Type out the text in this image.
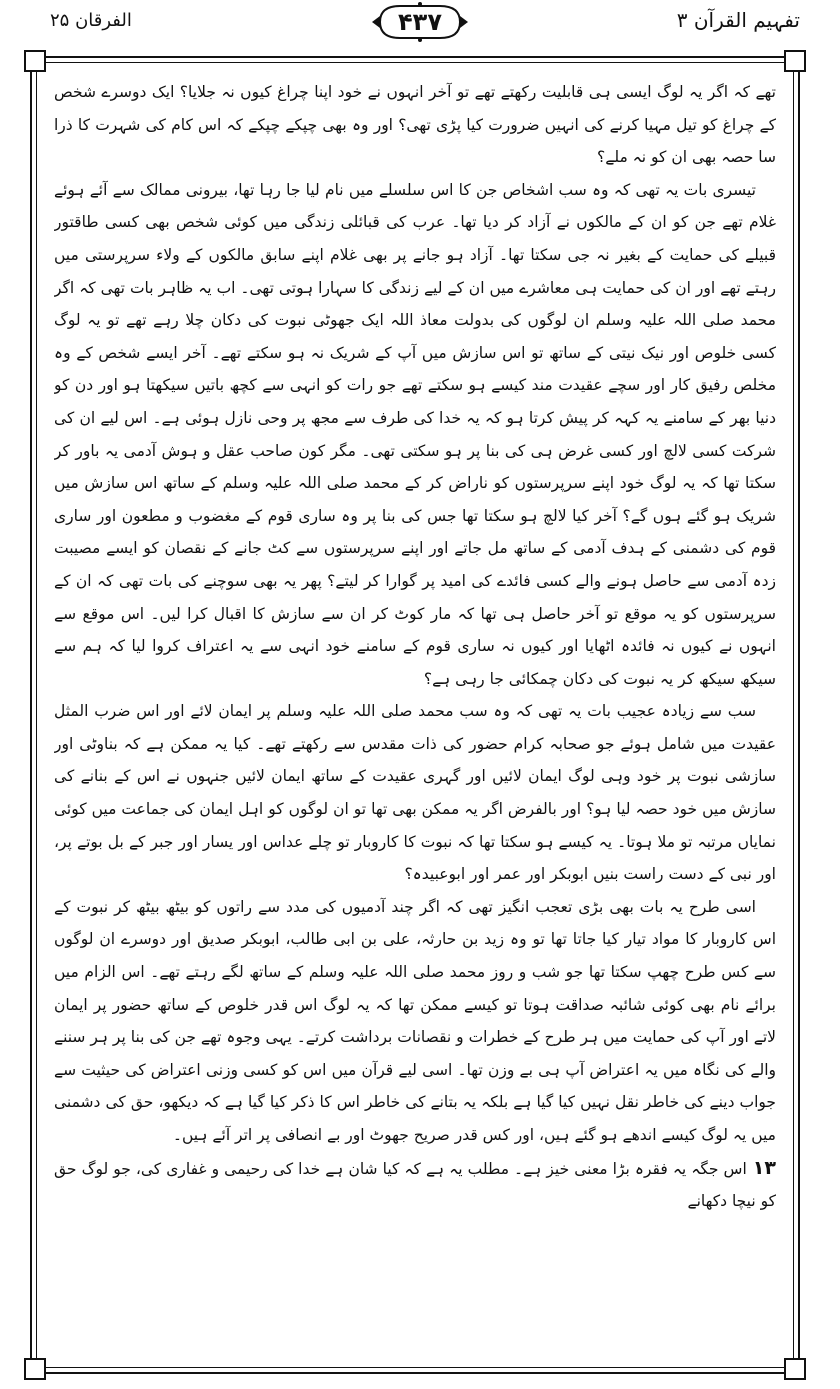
الفرقان ۲۵	۴۳۷	تفہیم القرآن ۳

تھے کہ اگر یہ لوگ ایسی ہی قابلیت رکھتے تھے تو آخر انہوں نے خود اپنا چراغ کیوں نہ جلایا؟ ایک دوسرے شخص کے چراغ کو تیل مہیا کرنے کی انہیں ضرورت کیا پڑی تھی؟ اور وہ بھی چپکے چپکے کہ اس کام کی شہرت کا ذرا سا حصہ بھی ان کو نہ ملے؟

تیسری بات یہ تھی کہ وہ سب اشخاص جن کا اس سلسلے میں نام لیا جا رہا تھا، بیرونی ممالک سے آئے ہوئے غلام تھے جن کو ان کے مالکوں نے آزاد کر دیا تھا۔ عرب کی قبائلی زندگی میں کوئی شخص بھی کسی طاقتور قبیلے کی حمایت کے بغیر نہ جی سکتا تھا۔ آزاد ہو جانے پر بھی غلام اپنے سابق مالکوں کے ولاء سرپرستی میں رہتے تھے اور ان کی حمایت ہی معاشرے میں ان کے لیے زندگی کا سہارا ہوتی تھی۔ اب یہ ظاہر بات تھی کہ اگر محمد صلی اللہ علیہ وسلم ان لوگوں کی بدولت معاذ اللہ ایک جھوٹی نبوت کی دکان چلا رہے تھے تو یہ لوگ کسی خلوص اور نیک نیتی کے ساتھ تو اس سازش میں آپ کے شریک نہ ہو سکتے تھے۔ آخر ایسے شخص کے وہ مخلص رفیق کار اور سچے عقیدت مند کیسے ہو سکتے تھے جو رات کو انہی سے کچھ باتیں سیکھتا ہو اور دن کو دنیا بھر کے سامنے یہ کہہ کر پیش کرتا ہو کہ یہ خدا کی طرف سے مجھ پر وحی نازل ہوئی ہے۔ اس لیے ان کی شرکت کسی لالچ اور کسی غرض ہی کی بنا پر ہو سکتی تھی۔ مگر کون صاحب عقل و ہوش آدمی یہ باور کر سکتا تھا کہ یہ لوگ خود اپنے سرپرستوں کو ناراض کر کے محمد صلی اللہ علیہ وسلم کے ساتھ اس سازش میں شریک ہو گئے ہوں گے؟ آخر کیا لالچ ہو سکتا تھا جس کی بنا پر وہ ساری قوم کے مغضوب و مطعون اور ساری قوم کی دشمنی کے ہدف آدمی کے ساتھ مل جاتے اور اپنے سرپرستوں سے کٹ جانے کے نقصان کو ایسے مصیبت زدہ آدمی سے حاصل ہونے والے کسی فائدے کی امید پر گوارا کر لیتے؟ پھر یہ بھی سوچنے کی بات تھی کہ ان کے سرپرستوں کو یہ موقع تو آخر حاصل ہی تھا کہ مار کوٹ کر ان سے سازش کا اقبال کرا لیں۔ اس موقع سے انہوں نے کیوں نہ فائدہ اٹھایا اور کیوں نہ ساری قوم کے سامنے خود انہی سے یہ اعتراف کروا لیا کہ ہم سے سیکھ سیکھ کر یہ نبوت کی دکان چمکائی جا رہی ہے؟

سب سے زیادہ عجیب بات یہ تھی کہ وہ سب محمد صلی اللہ علیہ وسلم پر ایمان لائے اور اس ضرب المثل عقیدت میں شامل ہوئے جو صحابہ کرام حضور کی ذات مقدس سے رکھتے تھے۔ کیا یہ ممکن ہے کہ بناوٹی اور سازشی نبوت پر خود وہی لوگ ایمان لائیں اور گہری عقیدت کے ساتھ ایمان لائیں جنہوں نے اس کے بنانے کی سازش میں خود حصہ لیا ہو؟ اور بالفرض اگر یہ ممکن بھی تھا تو ان لوگوں کو اہل ایمان کی جماعت میں کوئی نمایاں مرتبہ تو ملا ہوتا۔ یہ کیسے ہو سکتا تھا کہ نبوت کا کاروبار تو چلے عداس اور یسار اور جبر کے بل بوتے پر، اور نبی کے دست راست بنیں ابوبکر اور عمر اور ابوعبیدہ؟

اسی طرح یہ بات بھی بڑی تعجب انگیز تھی کہ اگر چند آدمیوں کی مدد سے راتوں کو بیٹھ بیٹھ کر نبوت کے اس کاروبار کا مواد تیار کیا جاتا تھا تو وہ زید بن حارثہ، علی بن ابی طالب، ابوبکر صدیق اور دوسرے ان لوگوں سے کس طرح چھپ سکتا تھا جو شب و روز محمد صلی اللہ علیہ وسلم کے ساتھ لگے رہتے تھے۔ اس الزام میں برائے نام بھی کوئی شائبہ صداقت ہوتا تو کیسے ممکن تھا کہ یہ لوگ اس قدر خلوص کے ساتھ حضور پر ایمان لاتے اور آپ کی حمایت میں ہر طرح کے خطرات و نقصانات برداشت کرتے۔ یہی وجوہ تھے جن کی بنا پر ہر سننے والے کی نگاہ میں یہ اعتراض آپ ہی بے وزن تھا۔ اسی لیے قرآن میں اس کو کسی وزنی اعتراض کی حیثیت سے جواب دینے کی خاطر نقل نہیں کیا گیا ہے بلکہ یہ بتانے کی خاطر اس کا ذکر کیا گیا ہے کہ دیکھو، حق کی دشمنی میں یہ لوگ کیسے اندھے ہو گئے ہیں، اور کس قدر صریح جھوٹ اور بے انصافی پر اتر آئے ہیں۔

۱۳اس جگہ یہ فقرہ بڑا معنی خیز ہے۔ مطلب یہ ہے کہ کیا شان ہے خدا کی رحیمی و غفاری کی، جو لوگ حق کو نیچا دکھانے
